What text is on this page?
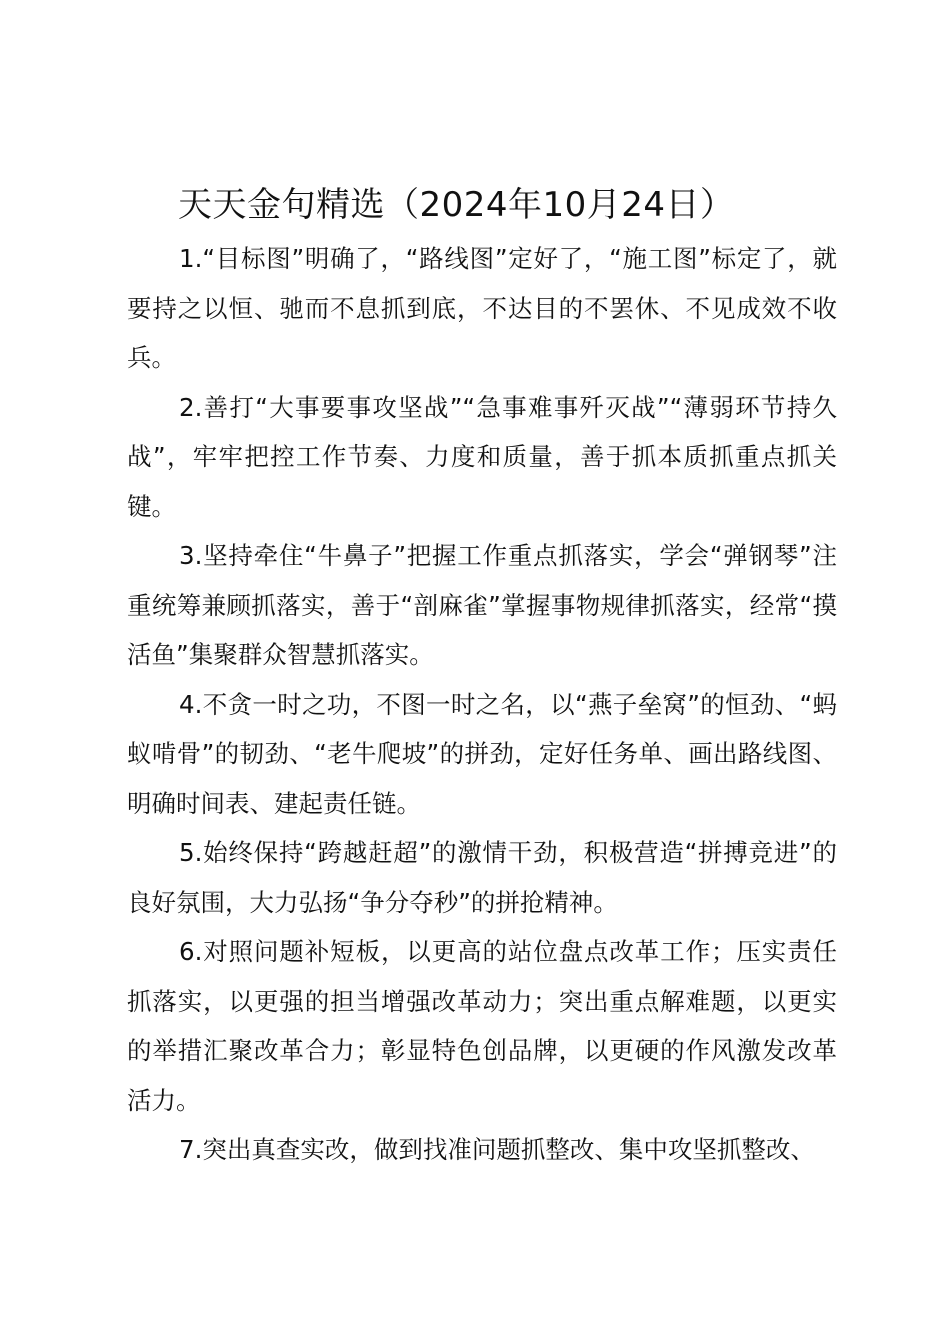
天天金句精选（2024年10月24日）

1.“目标图”明确了，“路线图”定好了，“施工图”标定了，就要持之以恒、驰而不息抓到底，不达目的不罢休、不见成效不收兵。

2.善打“大事要事攻坚战”“急事难事歼灭战”“薄弱环节持久战”，牢牢把控工作节奏、力度和质量，善于抓本质抓重点抓关键。

3.坚持牵住“牛鼻子”把握工作重点抓落实，学会“弹钢琴”注重统筹兼顾抓落实，善于“剖麻雀”掌握事物规律抓落实，经常“摸活鱼”集聚群众智慧抓落实。

4.不贪一时之功，不图一时之名，以“燕子垒窝”的恒劲、“蚂蚁啃骨”的韧劲、“老牛爬坡”的拼劲，定好任务单、画出路线图、明确时间表、建起责任链。

5.始终保持“跨越赶超”的激情干劲，积极营造“拼搏竞进”的良好氛围，大力弘扬“争分夺秒”的拼抢精神。

6.对照问题补短板，以更高的站位盘点改革工作；压实责任抓落实，以更强的担当增强改革动力；突出重点解难题，以更实的举措汇聚改革合力；彰显特色创品牌，以更硬的作风激发改革活力。

7.突出真查实改，做到找准问题抓整改、集中攻坚抓整改、
